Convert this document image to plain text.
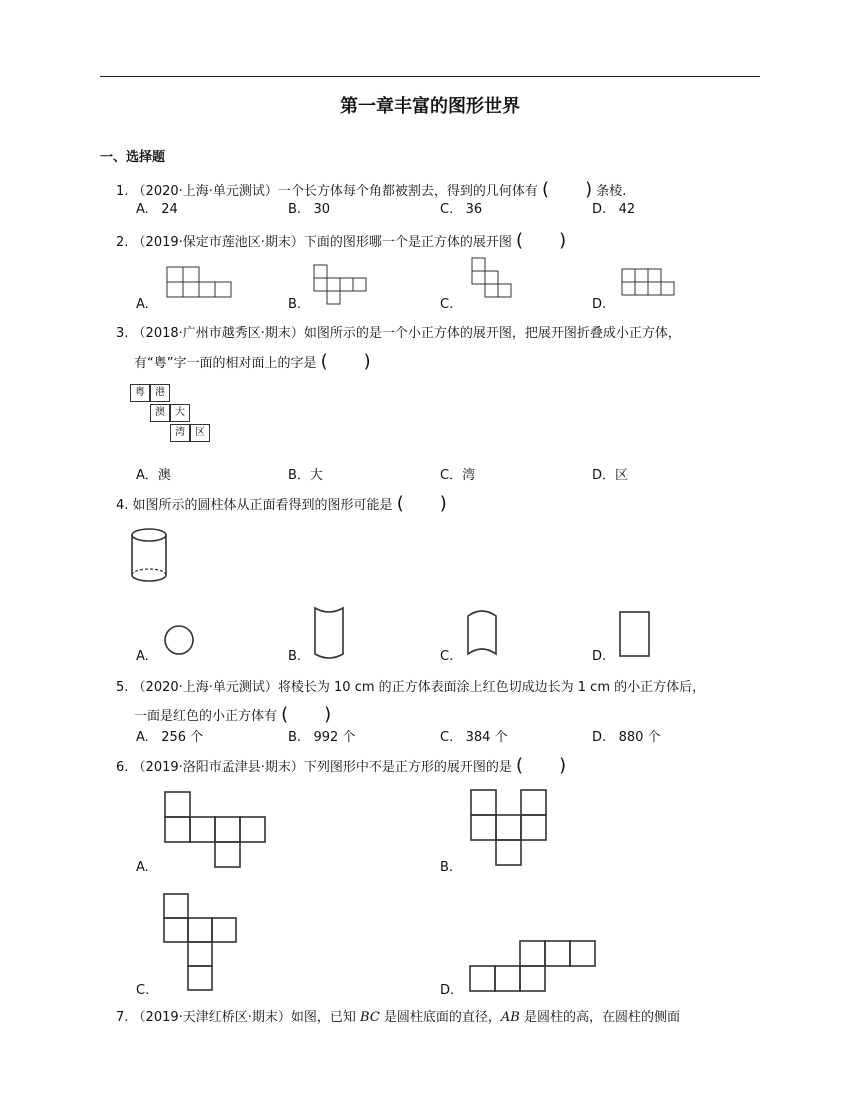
第一章丰富的图形世界
一、选择题
1. （2020·上海·单元测试）一个长方体每个角都被割去，得到的几何体有 (　　) 条棱.
A. 24	B. 30	C. 36	D. 42
2. （2019·保定市莲池区·期末）下面的图形哪一个是正方体的展开图 (　　)
A.	B.	C.	D.
3. （2018·广州市越秀区·期末）如图所示的是一个小正方体的展开图，把展开图折叠成小正方体，
有“粤”字一面的相对面上的字是 (　　)
粤	港
澳	大
湾	区
A．澳	B．大	C．湾	D．区
4. 如图所示的圆柱体从正面看得到的图形可能是 (　　)
A.	B.	C.	D.
5. （2020·上海·单元测试）将棱长为 10 cm 的正方体表面涂上红色切成边长为 1 cm 的小正方体后，
一面是红色的小正方体有 (　　)
A. 256 个	B. 992 个	C. 384 个	D. 880 个
6. （2019·洛阳市孟津县·期末）下列图形中不是正方形的展开图的是 (　　)
A.	B.
C.	D.
7. （2019·天津红桥区·期末）如图，已知 BC 是圆柱底面的直径，AB 是圆柱的高，在圆柱的侧面
